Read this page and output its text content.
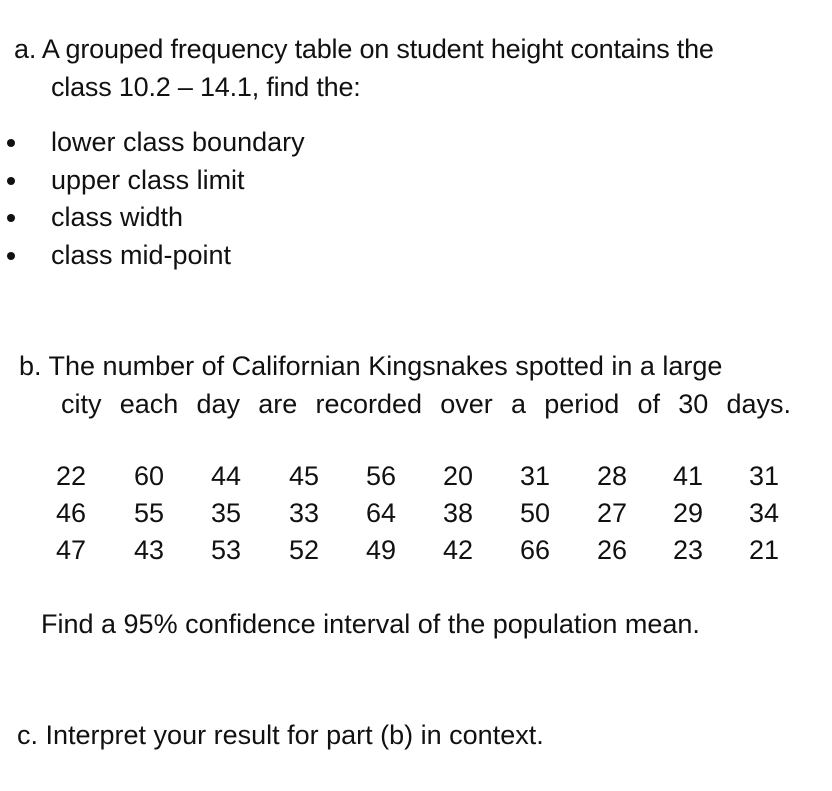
a. A grouped frequency table on student height contains the
class 10.2 – 14.1, find the:
lower class boundary
upper class limit
class width
class mid-point
b. The number of Californian Kingsnakes spotted in a large
city each day are recorded over a period of 30 days.
22 60 44 45 56 20 31 28 41 31
46 55 35 33 64 38 50 27 29 34
47 43 53 52 49 42 66 26 23 21
Find a 95% confidence interval of the population mean.
c. Interpret your result for part (b) in context.
